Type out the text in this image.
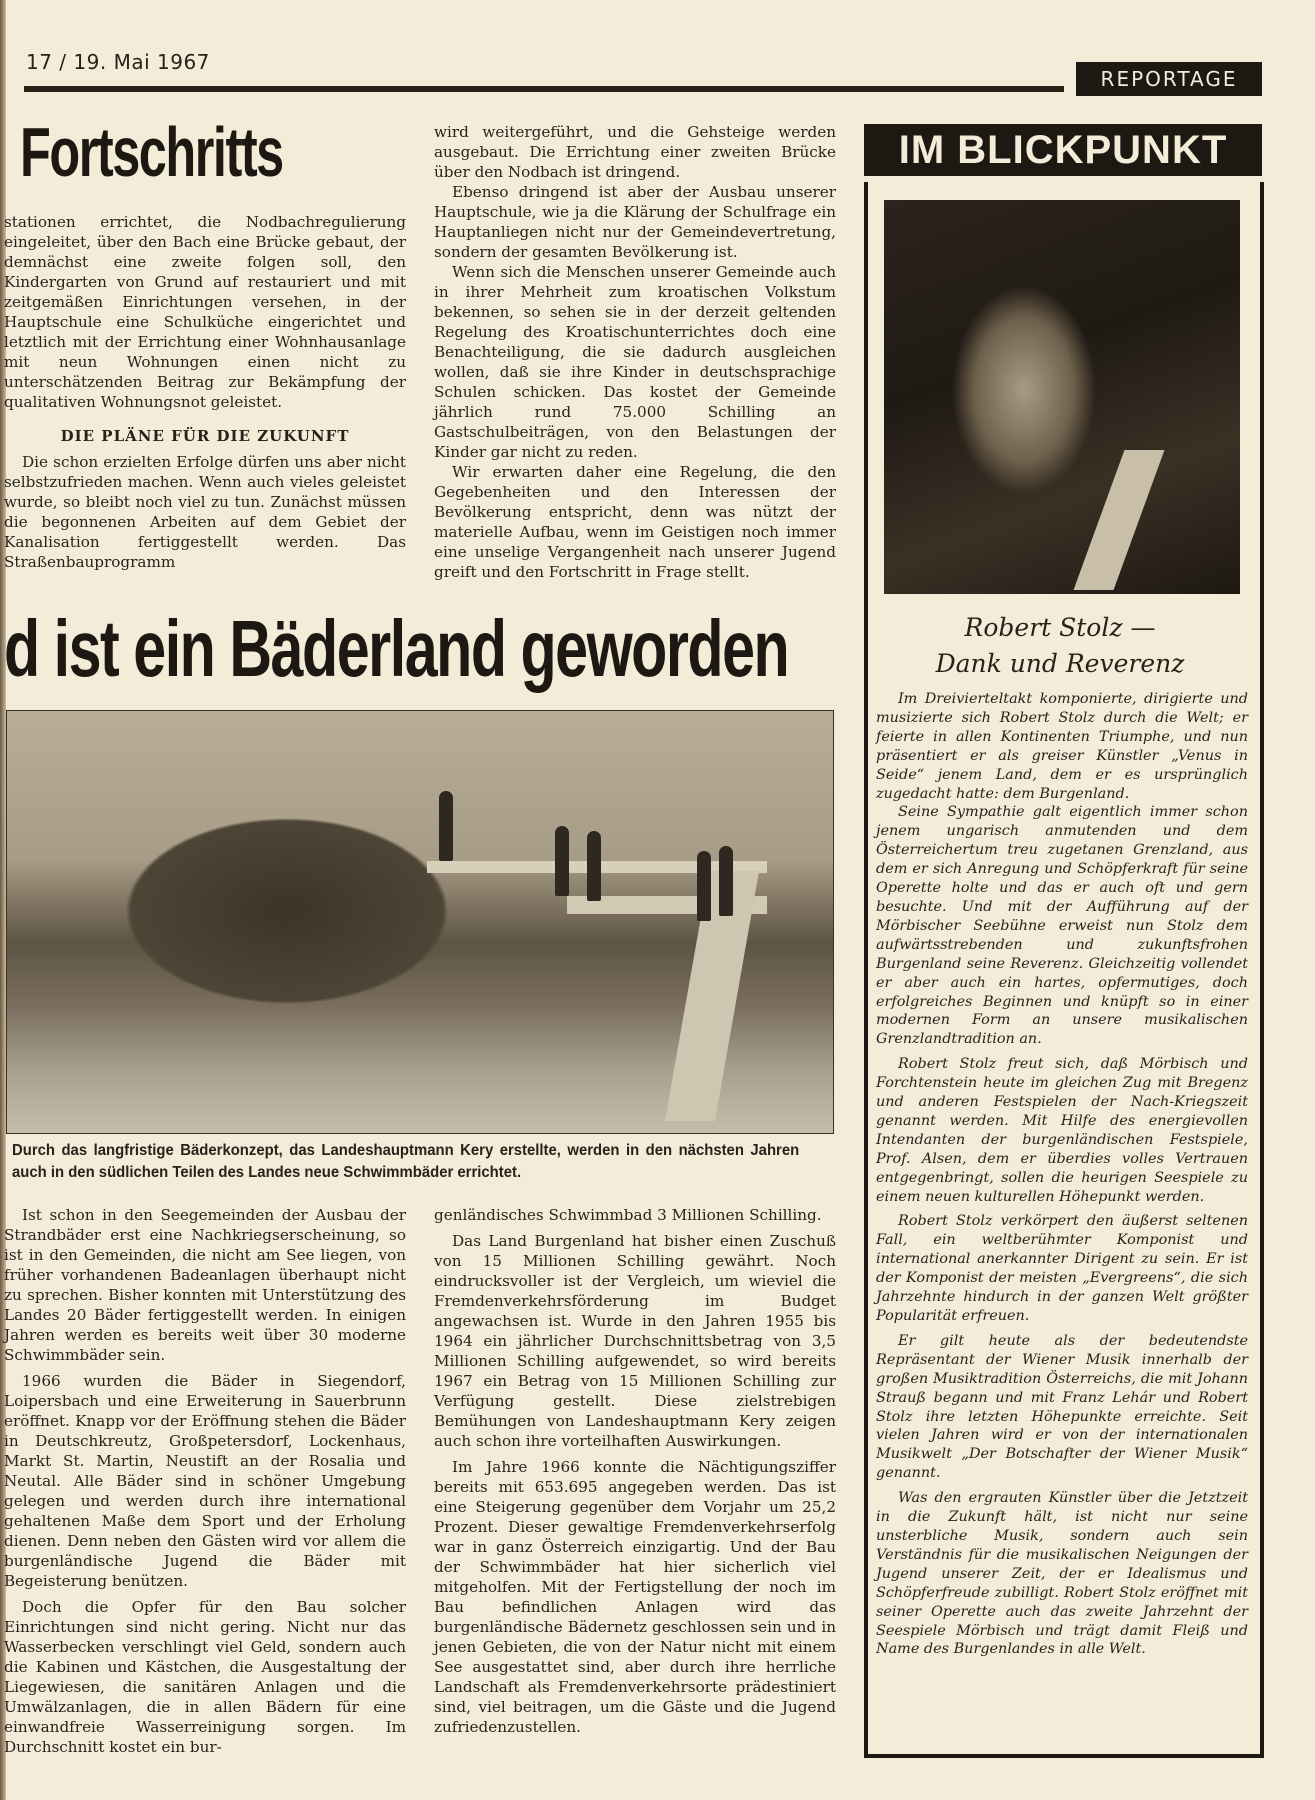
17 / 19. Mai 1967
REPORTAGE
Fortschritts

stationen errichtet, die Nodbachregulierung eingeleitet, über den Bach eine Brücke gebaut, der demnächst eine zweite folgen soll, den Kindergarten von Grund auf restauriert und mit zeitgemäßen Einrichtungen versehen, in der Hauptschule eine Schulküche eingerichtet und letztlich mit der Errichtung einer Wohnhausanlage mit neun Wohnungen einen nicht zu unterschätzenden Beitrag zur Bekämpfung der qualitativen Wohnungsnot geleistet.

DIE PLÄNE FÜR DIE ZUKUNFT

Die schon erzielten Erfolge dürfen uns aber nicht selbstzufrieden machen. Wenn auch vieles geleistet wurde, so bleibt noch viel zu tun. Zunächst müssen die begonnenen Arbeiten auf dem Gebiet der Kanalisation fertiggestellt werden. Das Straßenbauprogramm

wird weitergeführt, und die Gehsteige werden ausgebaut. Die Errichtung einer zweiten Brücke über den Nodbach ist dringend.

Ebenso dringend ist aber der Ausbau unserer Hauptschule, wie ja die Klärung der Schulfrage ein Hauptanliegen nicht nur der Gemeindevertretung, sondern der gesamten Bevölkerung ist.

Wenn sich die Menschen unserer Gemeinde auch in ihrer Mehrheit zum kroatischen Volkstum bekennen, so sehen sie in der derzeit geltenden Regelung des Kroatischunterrichtes doch eine Benachteiligung, die sie dadurch ausgleichen wollen, daß sie ihre Kinder in deutschsprachige Schulen schicken. Das kostet der Gemeinde jährlich rund 75.000 Schilling an Gastschulbeiträgen, von den Belastungen der Kinder gar nicht zu reden.

Wir erwarten daher eine Regelung, die den Gegebenheiten und den Interessen der Bevölkerung entspricht, denn was nützt der materielle Aufbau, wenn im Geistigen noch immer eine unselige Vergangenheit nach unserer Jugend greift und den Fortschritt in Frage stellt.

d ist ein Bäderland geworden
Durch das langfristige Bäderkonzept, das Landeshauptmann Kery erstellte, werden in den nächsten Jahren auch in den südlichen Teilen des Landes neue Schwimmbäder errichtet.

Ist schon in den Seegemeinden der Ausbau der Strandbäder erst eine Nachkriegserscheinung, so ist in den Gemeinden, die nicht am See liegen, von früher vorhandenen Badeanlagen überhaupt nicht zu sprechen. Bisher konnten mit Unterstützung des Landes 20 Bäder fertiggestellt werden. In einigen Jahren werden es bereits weit über 30 moderne Schwimmbäder sein.

1966 wurden die Bäder in Siegendorf, Loipersbach und eine Erweiterung in Sauerbrunn eröffnet. Knapp vor der Eröffnung stehen die Bäder in Deutschkreutz, Großpetersdorf, Lockenhaus, Markt St. Martin, Neustift an der Rosalia und Neutal. Alle Bäder sind in schöner Umgebung gelegen und werden durch ihre international gehaltenen Maße dem Sport und der Erholung dienen. Denn neben den Gästen wird vor allem die burgenländische Jugend die Bäder mit Begeisterung benützen.

Doch die Opfer für den Bau solcher Einrichtungen sind nicht gering. Nicht nur das Wasserbecken verschlingt viel Geld, sondern auch die Kabinen und Kästchen, die Ausgestaltung der Liegewiesen, die sanitären Anlagen und die Umwälzanlagen, die in allen Bädern für eine einwandfreie Wasserreinigung sorgen. Im Durchschnitt kostet ein bur-

genländisches Schwimmbad 3 Millionen Schilling.

Das Land Burgenland hat bisher einen Zuschuß von 15 Millionen Schilling gewährt. Noch eindrucksvoller ist der Vergleich, um wieviel die Fremdenverkehrsförderung im Budget angewachsen ist. Wurde in den Jahren 1955 bis 1964 ein jährlicher Durchschnittsbetrag von 3,5 Millionen Schilling aufgewendet, so wird bereits 1967 ein Betrag von 15 Millionen Schilling zur Verfügung gestellt. Diese zielstrebigen Bemühungen von Landeshauptmann Kery zeigen auch schon ihre vorteilhaften Auswirkungen.

Im Jahre 1966 konnte die Nächtigungsziffer bereits mit 653.695 angegeben werden. Das ist eine Steigerung gegenüber dem Vorjahr um 25,2 Prozent. Dieser gewaltige Fremdenverkehrserfolg war in ganz Österreich einzigartig. Und der Bau der Schwimmbäder hat hier sicherlich viel mitgeholfen. Mit der Fertigstellung der noch im Bau befindlichen Anlagen wird das burgenländische Bädernetz geschlossen sein und in jenen Gebieten, die von der Natur nicht mit einem See ausgestattet sind, aber durch ihre herrliche Landschaft als Fremdenverkehrsorte prädestiniert sind, viel beitragen, um die Gäste und die Jugend zufriedenzustellen.

IM BLICKPUNKT
Robert Stolz —
Dank und Reverenz

Im Dreivierteltakt komponierte, dirigierte und musizierte sich Robert Stolz durch die Welt; er feierte in allen Kontinenten Triumphe, und nun präsentiert er als greiser Künstler „Venus in Seide“ jenem Land, dem er es ursprünglich zugedacht hatte: dem Burgenland.

Seine Sympathie galt eigentlich immer schon jenem ungarisch anmutenden und dem Österreichertum treu zugetanen Grenzland, aus dem er sich Anregung und Schöpferkraft für seine Operette holte und das er auch oft und gern besuchte. Und mit der Aufführung auf der Mörbischer Seebühne erweist nun Stolz dem aufwärtsstrebenden und zukunftsfrohen Burgenland seine Reverenz. Gleichzeitig vollendet er aber auch ein hartes, opfermutiges, doch erfolgreiches Beginnen und knüpft so in einer modernen Form an unsere musikalischen Grenzlandtradition an.

Robert Stolz freut sich, daß Mörbisch und Forchtenstein heute im gleichen Zug mit Bregenz und anderen Festspielen der Nach-Kriegszeit genannt werden. Mit Hilfe des energievollen Intendanten der burgenländischen Festspiele, Prof. Alsen, dem er überdies volles Vertrauen entgegenbringt, sollen die heurigen Seespiele zu einem neuen kulturellen Höhepunkt werden.

Robert Stolz verkörpert den äußerst seltenen Fall, ein weltberühmter Komponist und international anerkannter Dirigent zu sein. Er ist der Komponist der meisten „Evergreens“, die sich Jahrzehnte hindurch in der ganzen Welt größter Popularität erfreuen.

Er gilt heute als der bedeutendste Repräsentant der Wiener Musik innerhalb der großen Musiktradition Österreichs, die mit Johann Strauß begann und mit Franz Lehár und Robert Stolz ihre letzten Höhepunkte erreichte. Seit vielen Jahren wird er von der internationalen Musikwelt „Der Botschafter der Wiener Musik“ genannt.

Was den ergrauten Künstler über die Jetztzeit in die Zukunft hält, ist nicht nur seine unsterbliche Musik, sondern auch sein Verständnis für die musikalischen Neigungen der Jugend unserer Zeit, der er Idealismus und Schöpferfreude zubilligt. Robert Stolz eröffnet mit seiner Operette auch das zweite Jahrzehnt der Seespiele Mörbisch und trägt damit Fleiß und Name des Burgenlandes in alle Welt.
